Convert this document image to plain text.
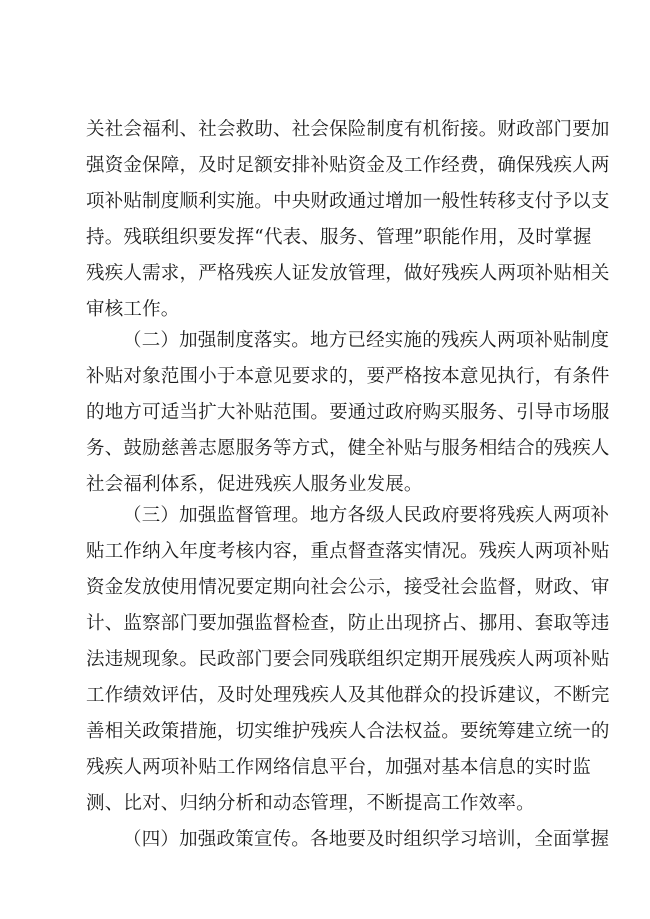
关社会福利、社会救助、社会保险制度有机衔接。财政部门要加
强资金保障，及时足额安排补贴资金及工作经费，确保残疾人两
项补贴制度顺利实施。中央财政通过增加一般性转移支付予以支
持。残联组织要发挥“代表、服务、管理”职能作用，及时掌握
残疾人需求，严格残疾人证发放管理，做好残疾人两项补贴相关
审核工作。
（二）加强制度落实。地方已经实施的残疾人两项补贴制度
补贴对象范围小于本意见要求的，要严格按本意见执行，有条件
的地方可适当扩大补贴范围。要通过政府购买服务、引导市场服
务、鼓励慈善志愿服务等方式，健全补贴与服务相结合的残疾人
社会福利体系，促进残疾人服务业发展。
（三）加强监督管理。地方各级人民政府要将残疾人两项补
贴工作纳入年度考核内容，重点督查落实情况。残疾人两项补贴
资金发放使用情况要定期向社会公示，接受社会监督，财政、审
计、监察部门要加强监督检查，防止出现挤占、挪用、套取等违
法违规现象。民政部门要会同残联组织定期开展残疾人两项补贴
工作绩效评估，及时处理残疾人及其他群众的投诉建议，不断完
善相关政策措施，切实维护残疾人合法权益。要统筹建立统一的
残疾人两项补贴工作网络信息平台，加强对基本信息的实时监
测、比对、归纳分析和动态管理，不断提高工作效率。
（四）加强政策宣传。各地要及时组织学习培训，全面掌握
